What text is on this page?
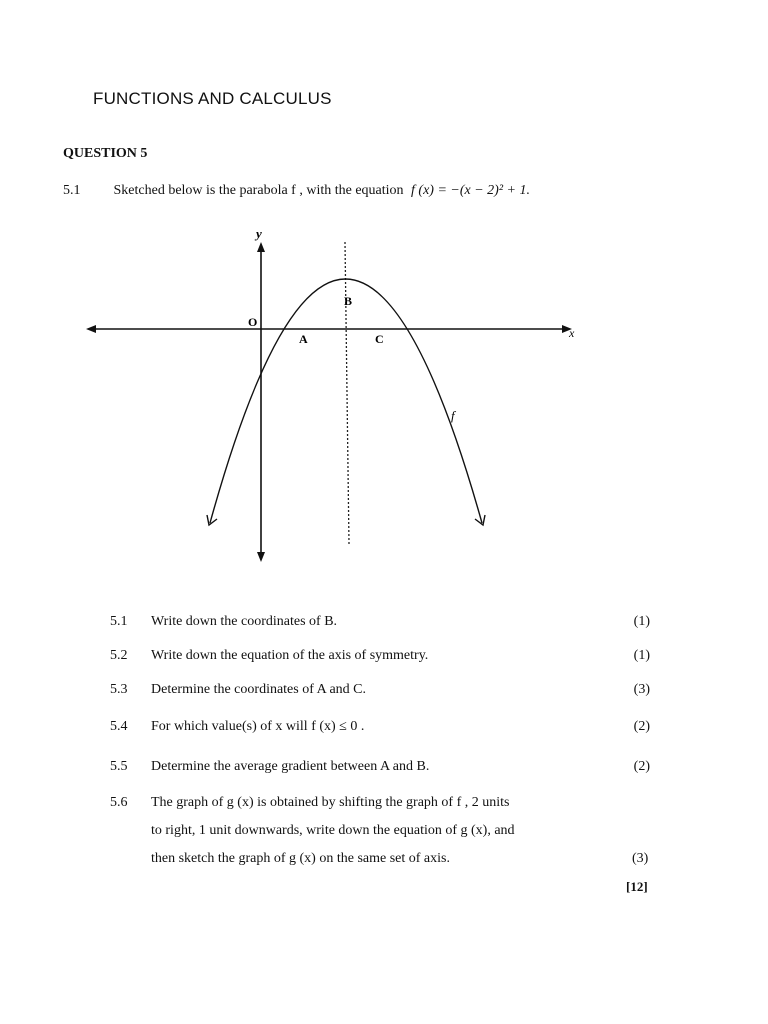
FUNCTIONS AND CALCULUS
QUESTION 5
5.1 Sketched below is the parabola f , with the equation f (x) = −(x − 2)² + 1.
y
x
O
A
B
C
f
5.1 Write down the coordinates of B.	(1)
5.2 Write down the equation of the axis of symmetry.	(1)
5.3 Determine the coordinates of A and C.	(3)
5.4 For which value(s) of x will f (x) ≤ 0 .	(2)
5.5 Determine the average gradient between A and B.	(2)
5.6 The graph of g (x) is obtained by shifting the graph of f , 2 units
to right, 1 unit downwards, write down the equation of g (x), and
then sketch the graph of g (x) on the same set of axis.	(3)
[12]
